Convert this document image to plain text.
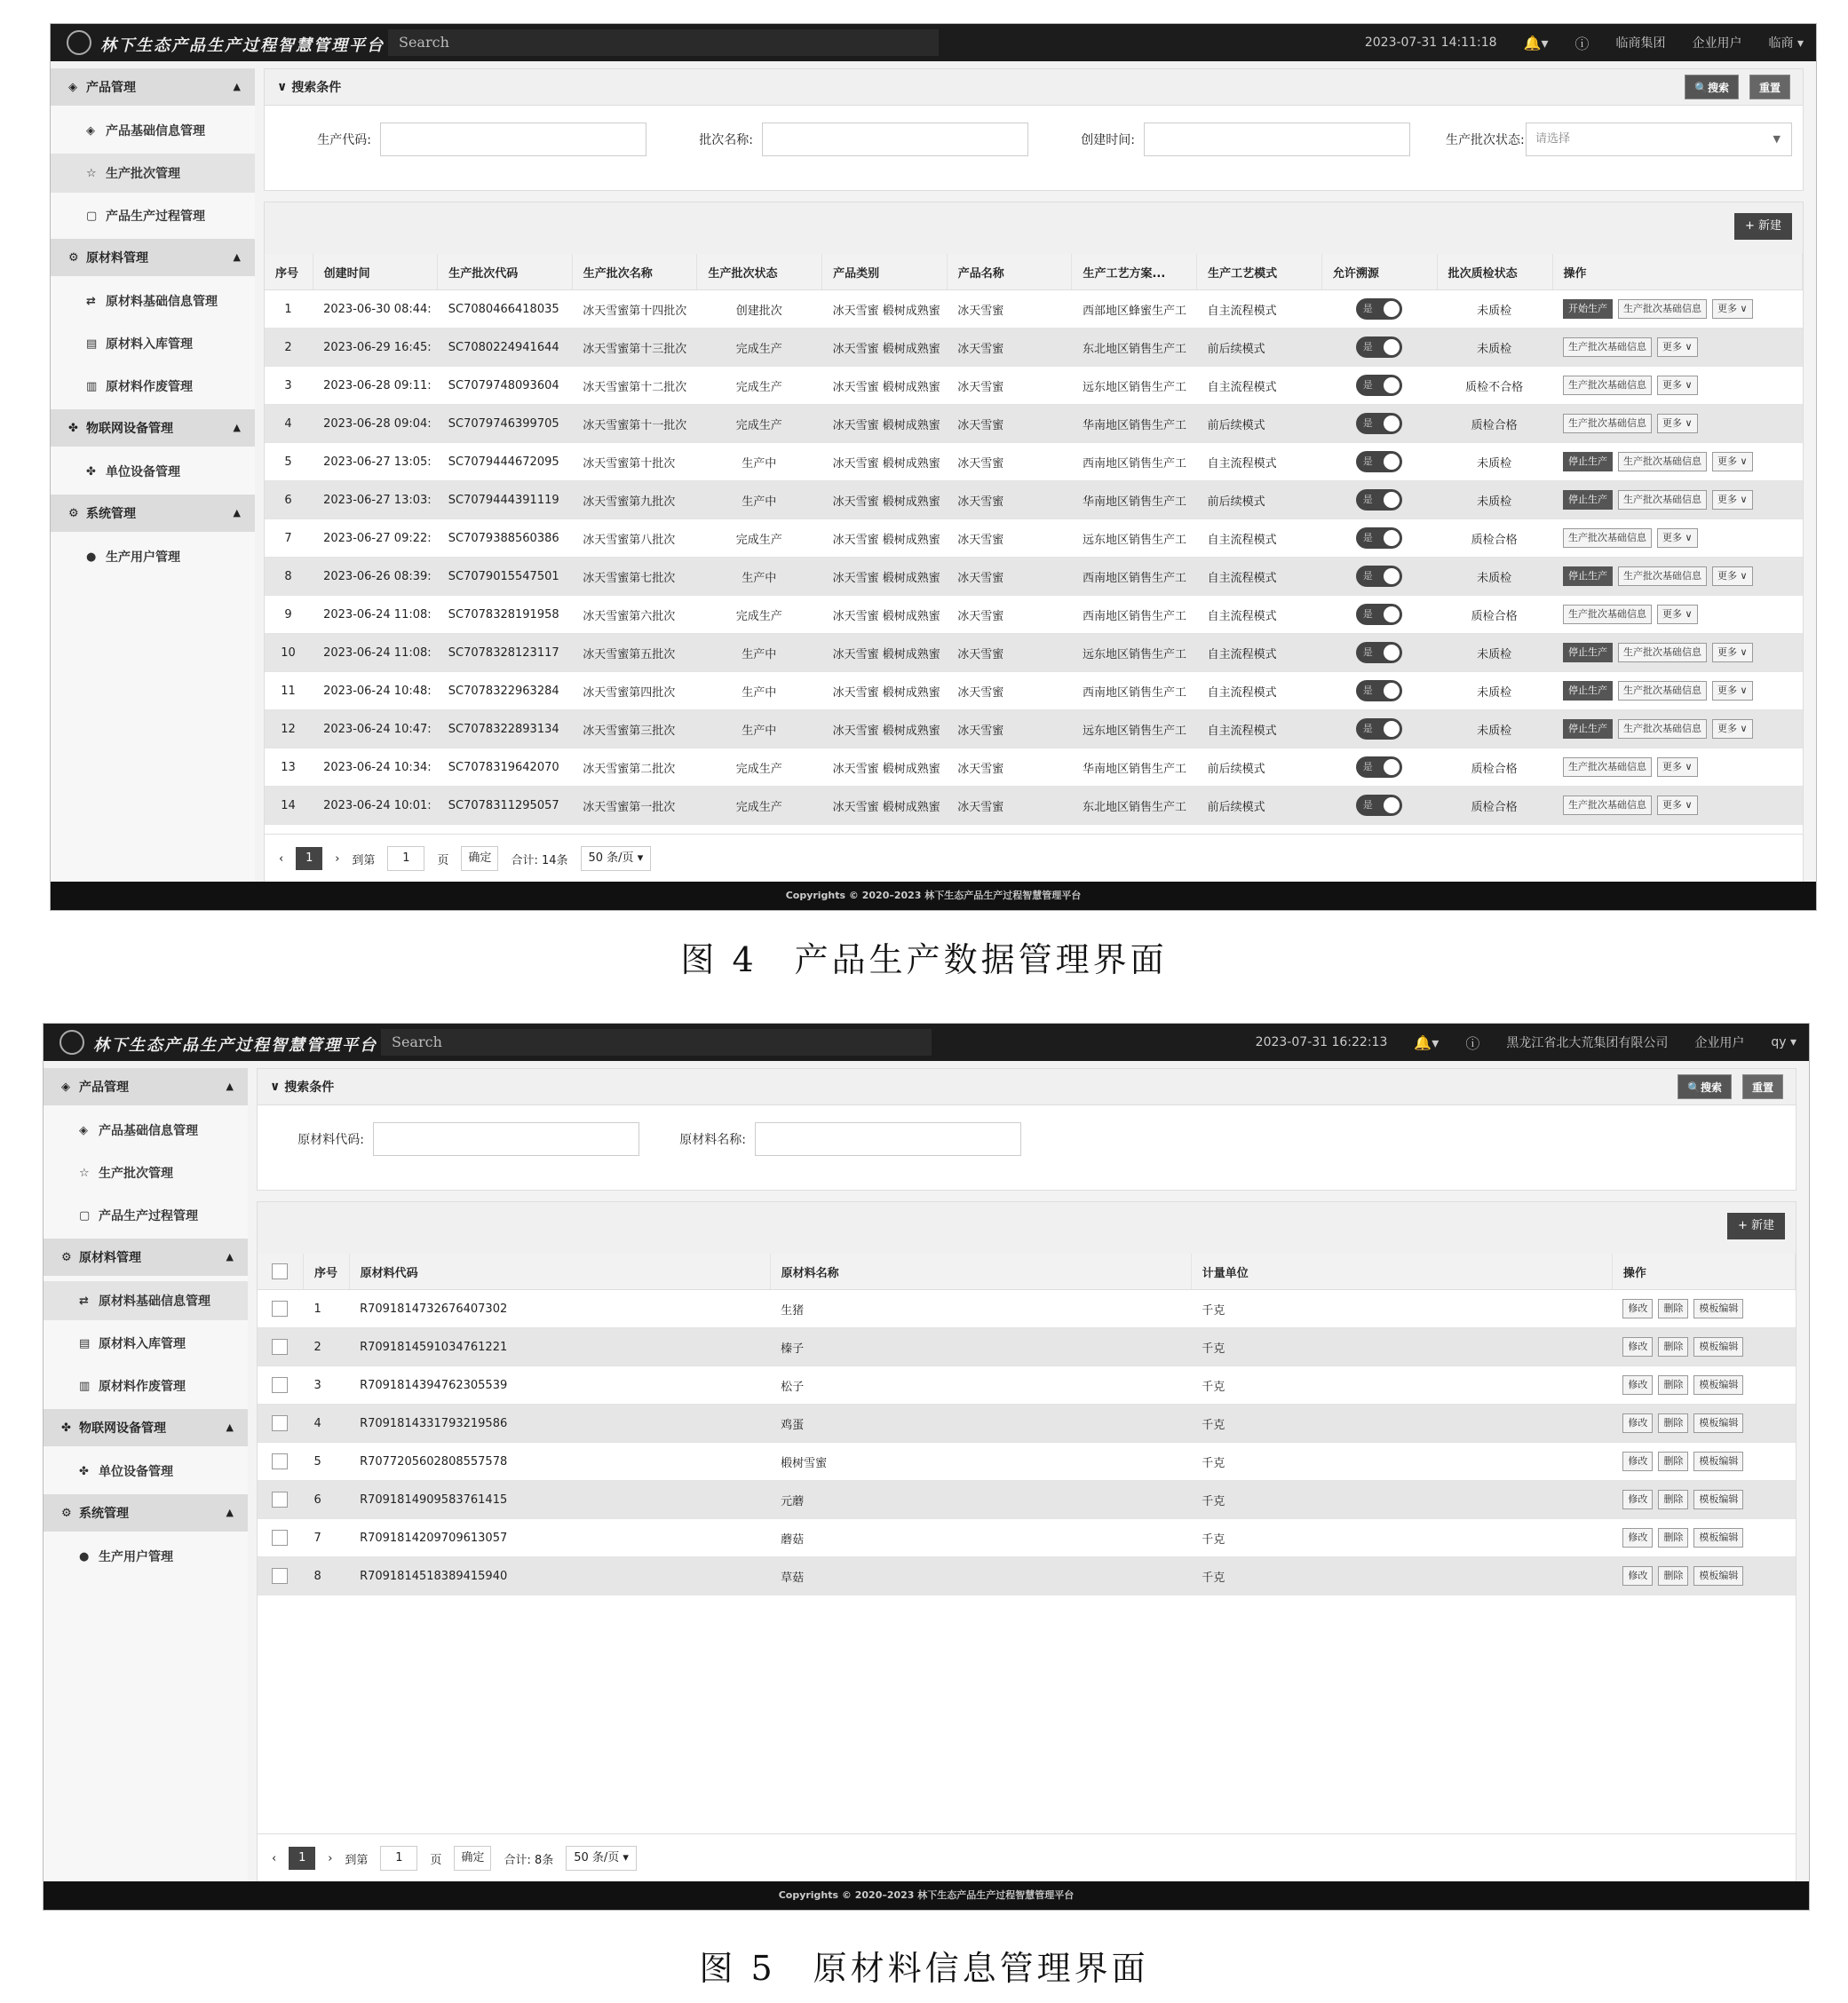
林下生态产品生产过程智慧管理平台	Search	2023-07-31 14:11:18 🔔▾ ⓘ 临商集团 企业用户 临商 ▾
◈ 产品管理	▲
◈ 产品基础信息管理
☆ 生产批次管理
▢ 产品生产过程管理
⚙ 原材料管理	▲
⇄ 原材料基础信息管理
▤ 原材料入库管理
▥ 原材料作废管理
✤ 物联网设备管理	▲
✤ 单位设备管理
⚙ 系统管理	▲
● 生产用户管理
∨ 搜索条件	🔍搜索	重置
生产代码:	批次名称:	创建时间:	生产批次状态: 请选择	▼
+ 新建
序号	创建时间	生产批次代码	生产批次名称	生产批次状态	产品类别	产品名称	生产工艺方案...	生产工艺模式	允许溯源	批次质检状态	操作
1	2023-06-30 08:44:	SC7080466418035	冰天雪蜜第十四批次	创建批次	冰天雪蜜 椴树成熟蜜	冰天雪蜜	西部地区蜂蜜生产工	自主流程模式	是	未质检	开始生产 生产批次基础信息 更多 ∨
2	2023-06-29 16:45:	SC7080224941644	冰天雪蜜第十三批次	完成生产	冰天雪蜜 椴树成熟蜜	冰天雪蜜	东北地区销售生产工	前后续模式	是	未质检	生产批次基础信息 更多 ∨
3	2023-06-28 09:11:	SC7079748093604	冰天雪蜜第十二批次	完成生产	冰天雪蜜 椴树成熟蜜	冰天雪蜜	远东地区销售生产工	自主流程模式	是	质检不合格	生产批次基础信息 更多 ∨
4	2023-06-28 09:04:	SC7079746399705	冰天雪蜜第十一批次	完成生产	冰天雪蜜 椴树成熟蜜	冰天雪蜜	华南地区销售生产工	前后续模式	是	质检合格	生产批次基础信息 更多 ∨
5	2023-06-27 13:05:	SC7079444672095	冰天雪蜜第十批次	生产中	冰天雪蜜 椴树成熟蜜	冰天雪蜜	西南地区销售生产工	自主流程模式	是	未质检	停止生产 生产批次基础信息 更多 ∨
6	2023-06-27 13:03:	SC7079444391119	冰天雪蜜第九批次	生产中	冰天雪蜜 椴树成熟蜜	冰天雪蜜	华南地区销售生产工	前后续模式	是	未质检	停止生产 生产批次基础信息 更多 ∨
7	2023-06-27 09:22:	SC7079388560386	冰天雪蜜第八批次	完成生产	冰天雪蜜 椴树成熟蜜	冰天雪蜜	远东地区销售生产工	自主流程模式	是	质检合格	生产批次基础信息 更多 ∨
8	2023-06-26 08:39:	SC7079015547501	冰天雪蜜第七批次	生产中	冰天雪蜜 椴树成熟蜜	冰天雪蜜	西南地区销售生产工	自主流程模式	是	未质检	停止生产 生产批次基础信息 更多 ∨
9	2023-06-24 11:08:	SC7078328191958	冰天雪蜜第六批次	完成生产	冰天雪蜜 椴树成熟蜜	冰天雪蜜	西南地区销售生产工	自主流程模式	是	质检合格	生产批次基础信息 更多 ∨
10	2023-06-24 11:08:	SC7078328123117	冰天雪蜜第五批次	生产中	冰天雪蜜 椴树成熟蜜	冰天雪蜜	远东地区销售生产工	自主流程模式	是	未质检	停止生产 生产批次基础信息 更多 ∨
11	2023-06-24 10:48:	SC7078322963284	冰天雪蜜第四批次	生产中	冰天雪蜜 椴树成熟蜜	冰天雪蜜	西南地区销售生产工	自主流程模式	是	未质检	停止生产 生产批次基础信息 更多 ∨
12	2023-06-24 10:47:	SC7078322893134	冰天雪蜜第三批次	生产中	冰天雪蜜 椴树成熟蜜	冰天雪蜜	远东地区销售生产工	自主流程模式	是	未质检	停止生产 生产批次基础信息 更多 ∨
13	2023-06-24 10:34:	SC7078319642070	冰天雪蜜第二批次	完成生产	冰天雪蜜 椴树成熟蜜	冰天雪蜜	华南地区销售生产工	前后续模式	是	质检合格	生产批次基础信息 更多 ∨
14	2023-06-24 10:01:	SC7078311295057	冰天雪蜜第一批次	完成生产	冰天雪蜜 椴树成熟蜜	冰天雪蜜	东北地区销售生产工	前后续模式	是	质检合格	生产批次基础信息 更多 ∨
‹	1	› 到第	1	页	确定	合计: 14条	50 条/页 ▾
Copyrights © 2020–2023 林下生态产品生产过程智慧管理平台
图 4　产品生产数据管理界面
林下生态产品生产过程智慧管理平台	Search	2023-07-31 16:22:13 🔔▾ ⓘ 黑龙江省北大荒集团有限公司 企业用户 qy ▾
◈ 产品管理	▲
◈ 产品基础信息管理
☆ 生产批次管理
▢ 产品生产过程管理
⚙ 原材料管理	▲
⇄ 原材料基础信息管理
▤ 原材料入库管理
▥ 原材料作废管理
✤ 物联网设备管理	▲
✤ 单位设备管理
⚙ 系统管理	▲
● 生产用户管理
∨ 搜索条件	🔍搜索	重置
原材料代码:	原材料名称:
+ 新建
	序号	原材料代码	原材料名称	计量单位	操作
	1	R7091814732676407302	生猪	千克	修改 删除 模板编辑
	2	R7091814591034761221	榛子	千克	修改 删除 模板编辑
	3	R7091814394762305539	松子	千克	修改 删除 模板编辑
	4	R7091814331793219586	鸡蛋	千克	修改 删除 模板编辑
	5	R7077205602808557578	椴树雪蜜	千克	修改 删除 模板编辑
	6	R7091814909583761415	元蘑	千克	修改 删除 模板编辑
	7	R7091814209709613057	蘑菇	千克	修改 删除 模板编辑
	8	R7091814518389415940	草菇	千克	修改 删除 模板编辑
‹	1	› 到第	1	页	确定	合计: 8条	50 条/页 ▾
Copyrights © 2020–2023 林下生态产品生产过程智慧管理平台
图 5　原材料信息管理界面
